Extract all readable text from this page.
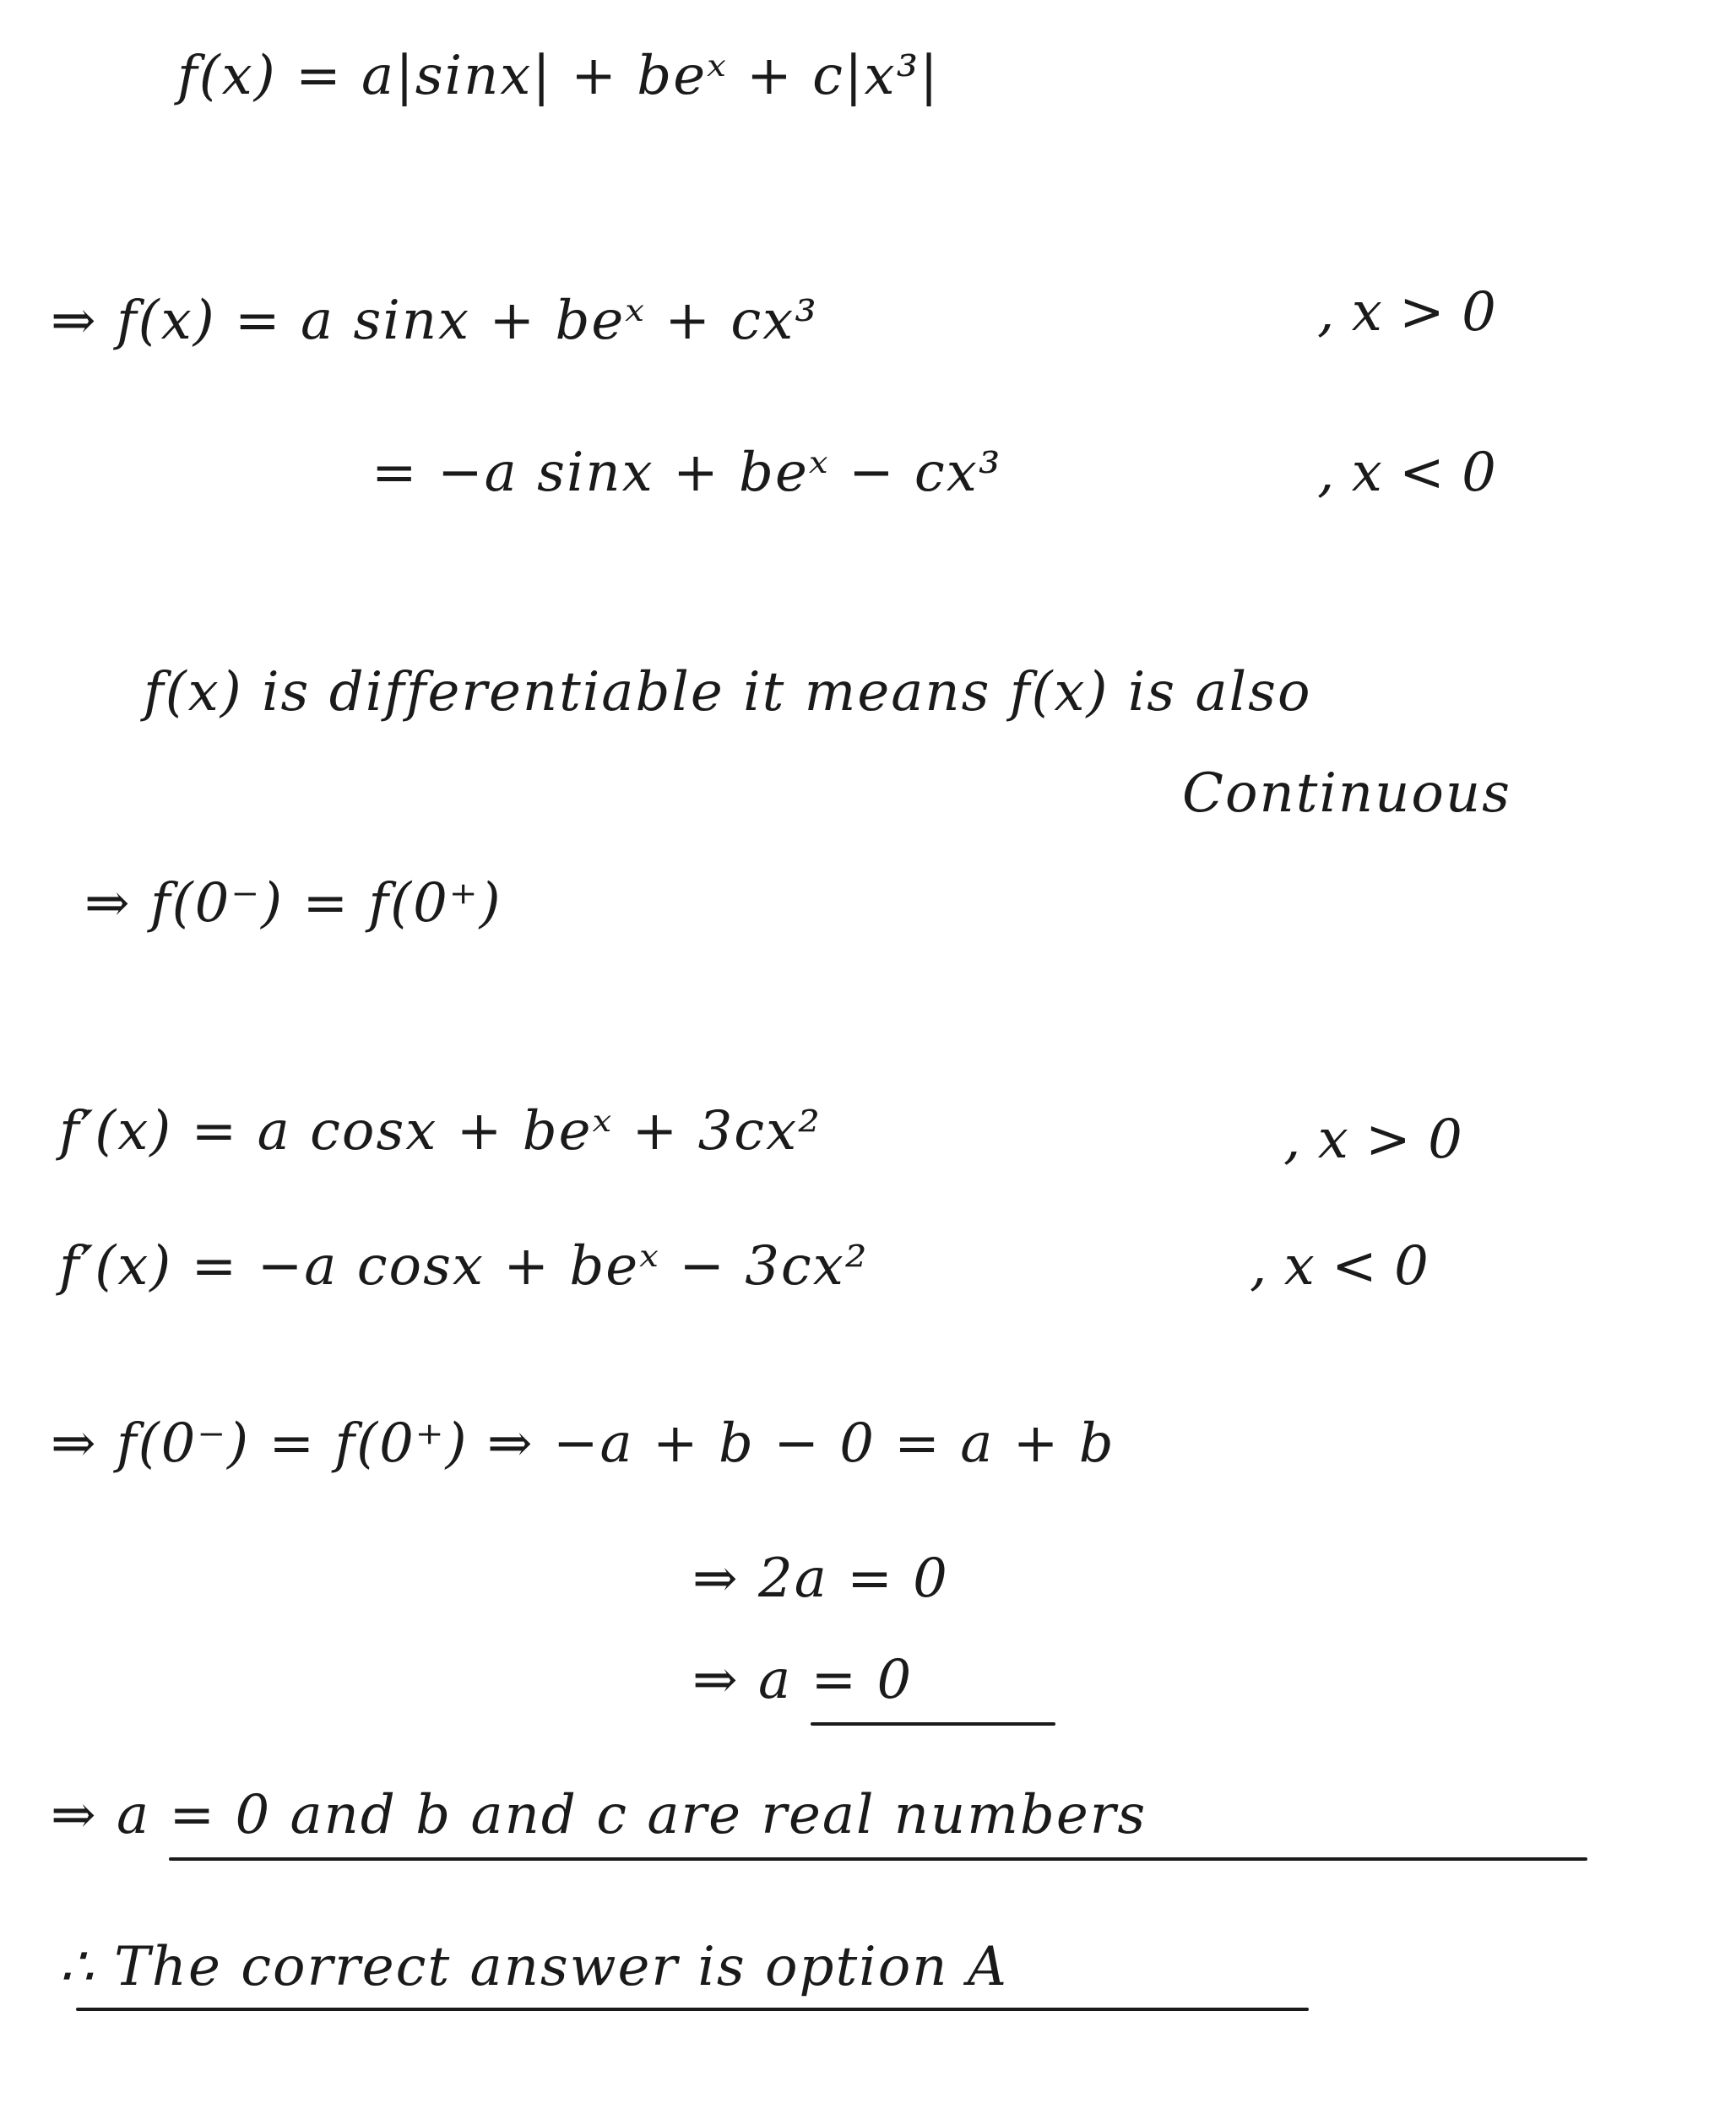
f(x) = a|sinx| + beˣ + c|x³|
⇒ f(x) = a sinx + beˣ + cx³	, x > 0
= −a sinx + beˣ − cx³	, x < 0
f(x) is differentiable it means f(x) is also
Continuous
⇒ f(0⁻) = f(0⁺)
f′(x) = a cosx + beˣ + 3cx²	, x > 0
f′(x) = −a cosx + beˣ − 3cx²	, x < 0
⇒ f(0⁻) = f(0⁺) ⇒ −a + b − 0 = a + b
⇒ 2a = 0
⇒ a = 0
⇒ a = 0 and b and c are real numbers
∴ The correct answer is option A
